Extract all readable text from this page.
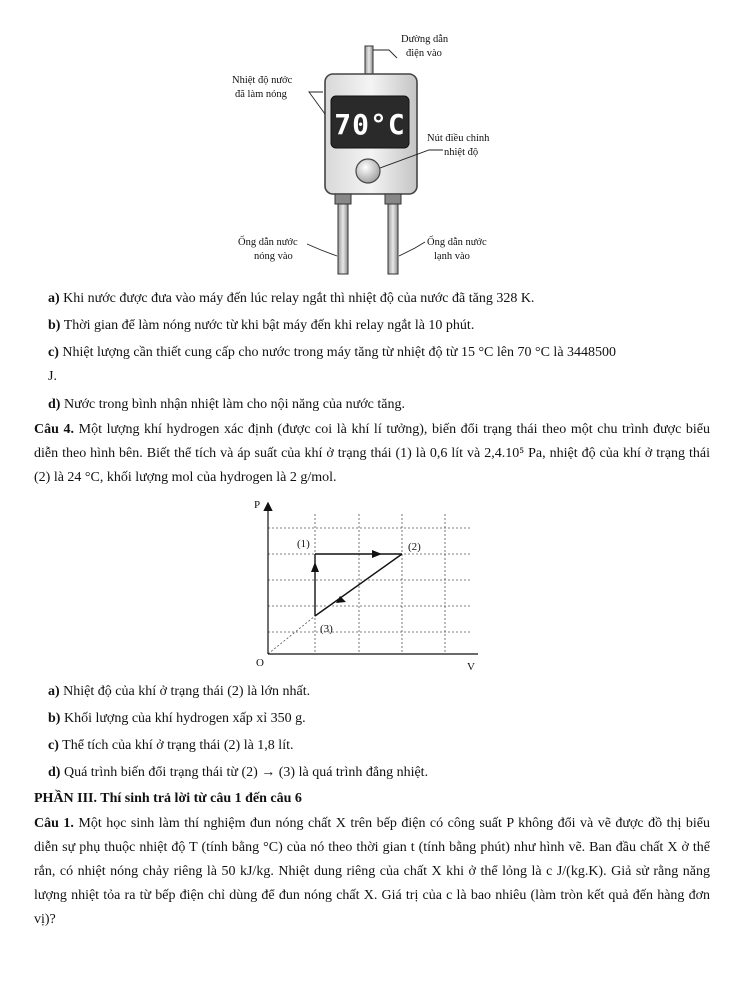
70°C
Dường dẫn
điện vào
Nhiệt độ nước
đã làm nóng
Nút điều chỉnh
nhiệt độ
Ống dẫn nước
nóng vào
Ống dẫn nước
lạnh vào
a) Khi nước được đưa vào máy đến lúc relay ngắt thì nhiệt độ của nước đã tăng 328 K.
b) Thời gian để làm nóng nước từ khi bật máy đến khi relay ngắt là 10 phút.
c) Nhiệt lượng cần thiết cung cấp cho nước trong máy tăng từ nhiệt độ từ 15 °C lên 70 °C là 3448500
J.
d) Nước trong bình nhận nhiệt làm cho nội năng của nước tăng.
Câu 4. Một lượng khí hydrogen xác định (được coi là khí lí tưởng), biến đổi trạng thái theo một chu trình được biểu diễn theo hình bên. Biết thể tích và áp suất của khí ở trạng thái (1) là 0,6 lít và 2,4.10⁵ Pa, nhiệt độ của khí ở trạng thái (2) là 24 °C, khối lượng mol của hydrogen là 2 g/mol.
P
V
O
(1)	(2)
(3)
a) Nhiệt độ của khí ở trạng thái (2) là lớn nhất.
b) Khối lượng của khí hydrogen xấp xỉ 350 g.
c) Thể tích của khí ở trạng thái (2) là 1,8 lít.
d) Quá trình biến đổi trạng thái từ (2) → (3) là quá trình đẳng nhiệt.
PHẦN III. Thí sinh trả lời từ câu 1 đến câu 6
Câu 1. Một học sinh làm thí nghiệm đun nóng chất X trên bếp điện có công suất P không đổi và vẽ được đồ thị biểu diễn sự phụ thuộc nhiệt độ T (tính bằng °C) của nó theo thời gian t (tính bằng phút) như hình vẽ. Ban đầu chất X ở thể rắn, có nhiệt nóng chảy riêng là 50 kJ/kg. Nhiệt dung riêng của chất X khi ở thể lỏng là c J/(kg.K). Giả sử rằng năng lượng nhiệt tỏa ra từ bếp điện chỉ dùng để đun nóng chất X. Giá trị của c là bao nhiêu (làm tròn kết quả đến hàng đơn vị)?
